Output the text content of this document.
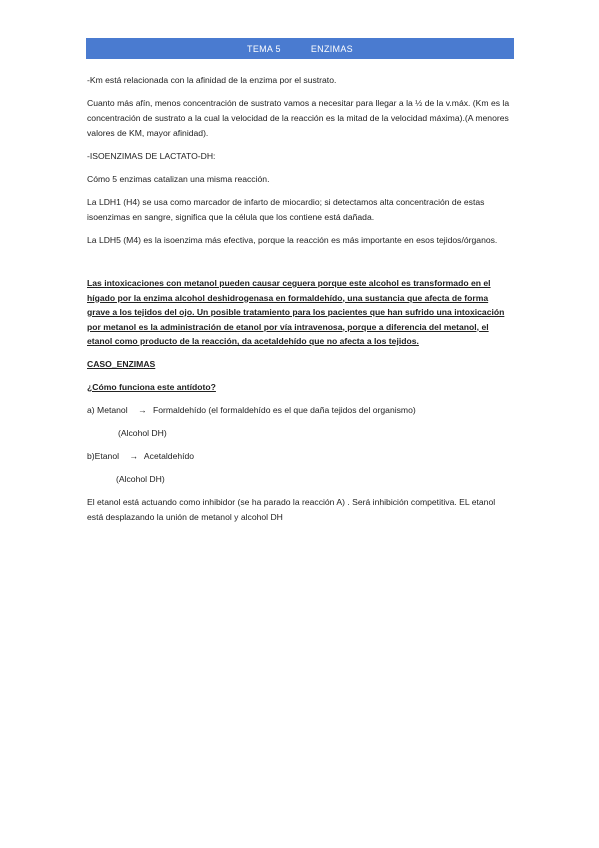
TEMA 5	ENZIMAS

-Km está relacionada con la afinidad de la enzima por el sustrato.

Cuanto más afín, menos concentración de sustrato vamos a necesitar para llegar a la ½ de la v.máx. (Km es la concentración de sustrato a la cual la velocidad de la reacción es la mitad de la velocidad máxima).(A menores valores de KM, mayor afinidad).

-ISOENZIMAS DE LACTATO-DH:

Cómo 5 enzimas catalizan una misma reacción.

La LDH1 (H4) se usa como marcador de infarto de miocardio; si detectamos alta concentración de estas isoenzimas en sangre, significa que la célula que los contiene está dañada.

La LDH5 (M4) es la isoenzima más efectiva, porque la reacción es más importante en esos tejidos/órganos.

Las intoxicaciones con metanol pueden causar ceguera porque este alcohol es transformado en el hígado por la enzima alcohol deshidrogenasa en formaldehído, una sustancia que afecta de forma grave a los tejidos del ojo. Un posible tratamiento para los pacientes que han sufrido una intoxicación por metanol es la administración de etanol por vía intravenosa, porque a diferencia del metanol, el etanol como producto de la reacción, da acetaldehído que no afecta a los tejidos.

CASO_ENZIMAS

¿Cómo funciona este antídoto?

a) Metanol → Formaldehído (el formaldehído es el que daña tejidos del organismo)

(Alcohol DH)

b)Etanol → Acetaldehído

(Alcohol DH)

El etanol está actuando como inhibidor (se ha parado la reacción A) . Será inhibición competitiva. EL etanol está desplazando la unión de metanol y alcohol DH
